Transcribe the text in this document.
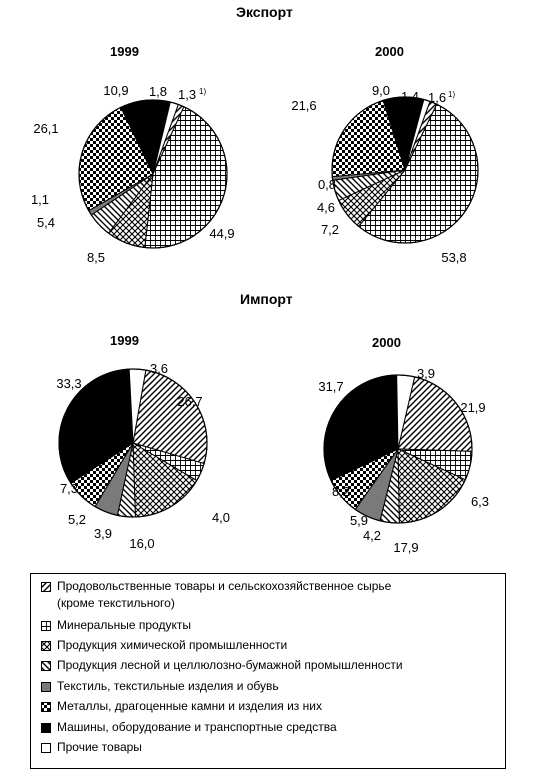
Экспорт
1999	2000
Импорт
1999	2000
1,3
44,9
8,5
5,4
1,1
26,1
10,9 1,8	1)	1,6
53,8
7,2
4,6
0,8
21,6
9,0 1,4	1)
26,7
4,0
16,0
3,9
5,2
7,3
33,3
3,6
21,9
6,3
17,9
4,2
5,9
8,2
31,7
3,9
Продовольственные товары и сельскохозяйственное сырье
(кроме текстильного)
Минеральные продукты
Продукция химической промышленности
Продукция лесной и целлюлозно-бумажной промышленности
Текстиль, текстильные изделия и обувь
Металлы, драгоценные камни и изделия из них
Машины, оборудование и транспортные средства
Прочие товары
